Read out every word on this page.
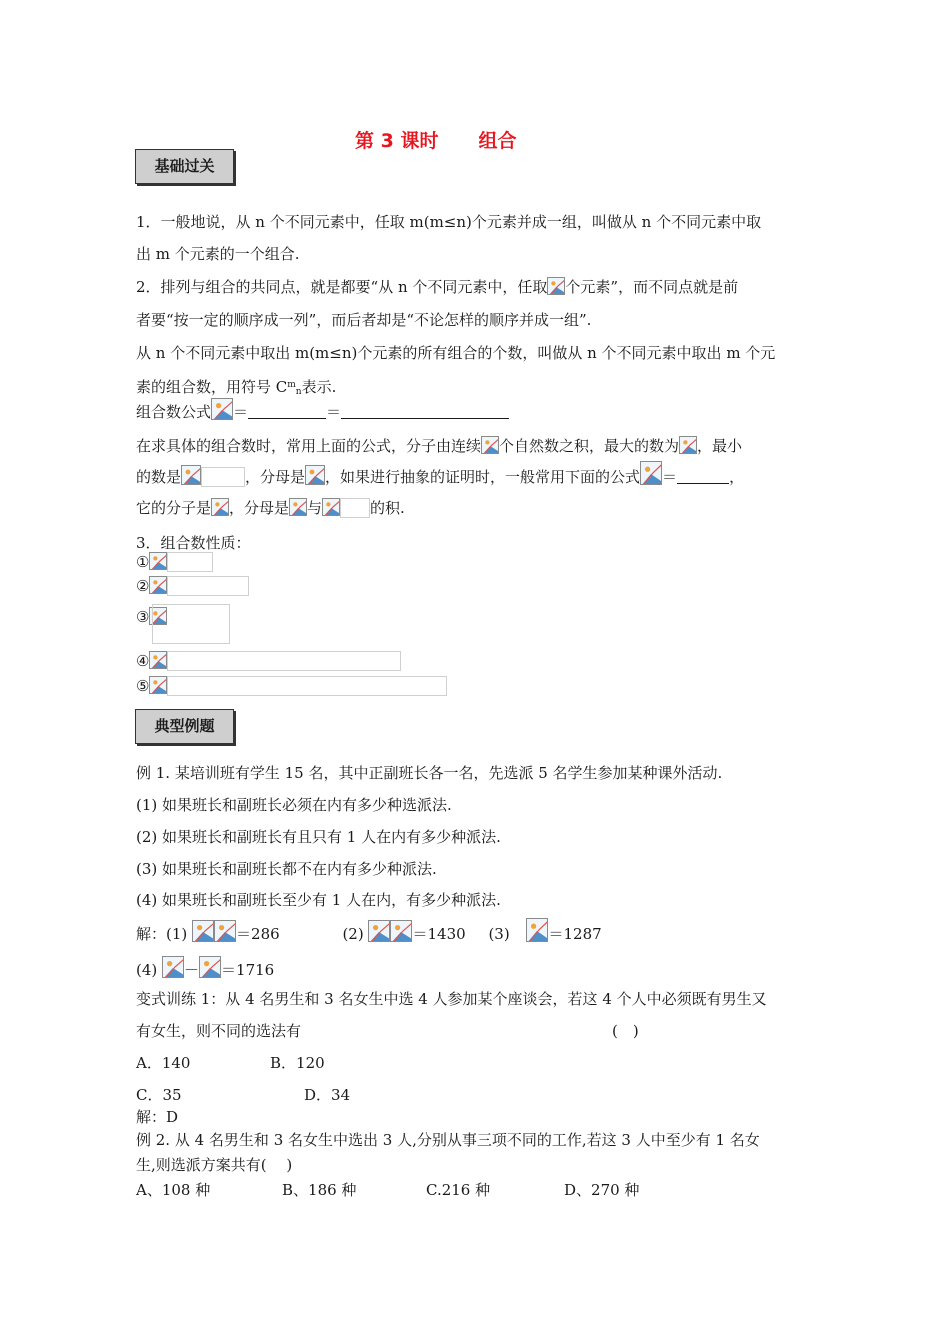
第 3 课时 组合
基础过关
1．一般地说，从 n 个不同元素中，任取 m(m≤n)个元素并成一组，叫做从 n 个不同元素中取
出 m 个元素的一个组合.
2．排列与组合的共同点，就是都要“从 n 个不同元素中，任取 个元素”，而不同点就是前
者要“按一定的顺序成一列”，而后者却是“不论怎样的顺序并成一组”.
从 n 个不同元素中取出 m(m≤n)个元素的所有组合的个数，叫做从 n 个不同元素中取出 m 个元
素的组合数，用符号 $C^m_n$表示.
组合数公式 ＝	＝
在求具体的组合数时，常用上面的公式，分子由连续 个自然数之积，最大的数为 ，最小
的数是	，分母是 ，如果进行抽象的证明时，一般常用下面的公式 ＝	，
它的分子是 ，分母是 与	的积.
3．组合数性质：
①
②
③
④
⑤
典型例题
例 1. 某培训班有学生 15 名，其中正副班长各一名，先选派 5 名学生参加某种课外活动.
(1) 如果班长和副班长必须在内有多少种选派法.
(2) 如果班长和副班长有且只有 1 人在内有多少种派法.
(3) 如果班长和副班长都不在内有多少种派法.
(4) 如果班长和副班长至少有 1 人在内，有多少种派法.
解：(1)	＝286	(2)	＝1430 (3)	＝1287
(4) － ＝1716
变式训练 1：从 4 名男生和 3 名女生中选 4 人参加某个座谈会，若这 4 个人中必须既有男生又
有女生，则不同的选法有	(　)
A．140	B．120
C．35	D．34
解：D
例 2. 从 4 名男生和 3 名女生中选出 3 人,分别从事三项不同的工作,若这 3 人中至少有 1 名女
生,则选派方案共有(　 )
A、108 种	B、186 种	C.216 种	D、270 种
